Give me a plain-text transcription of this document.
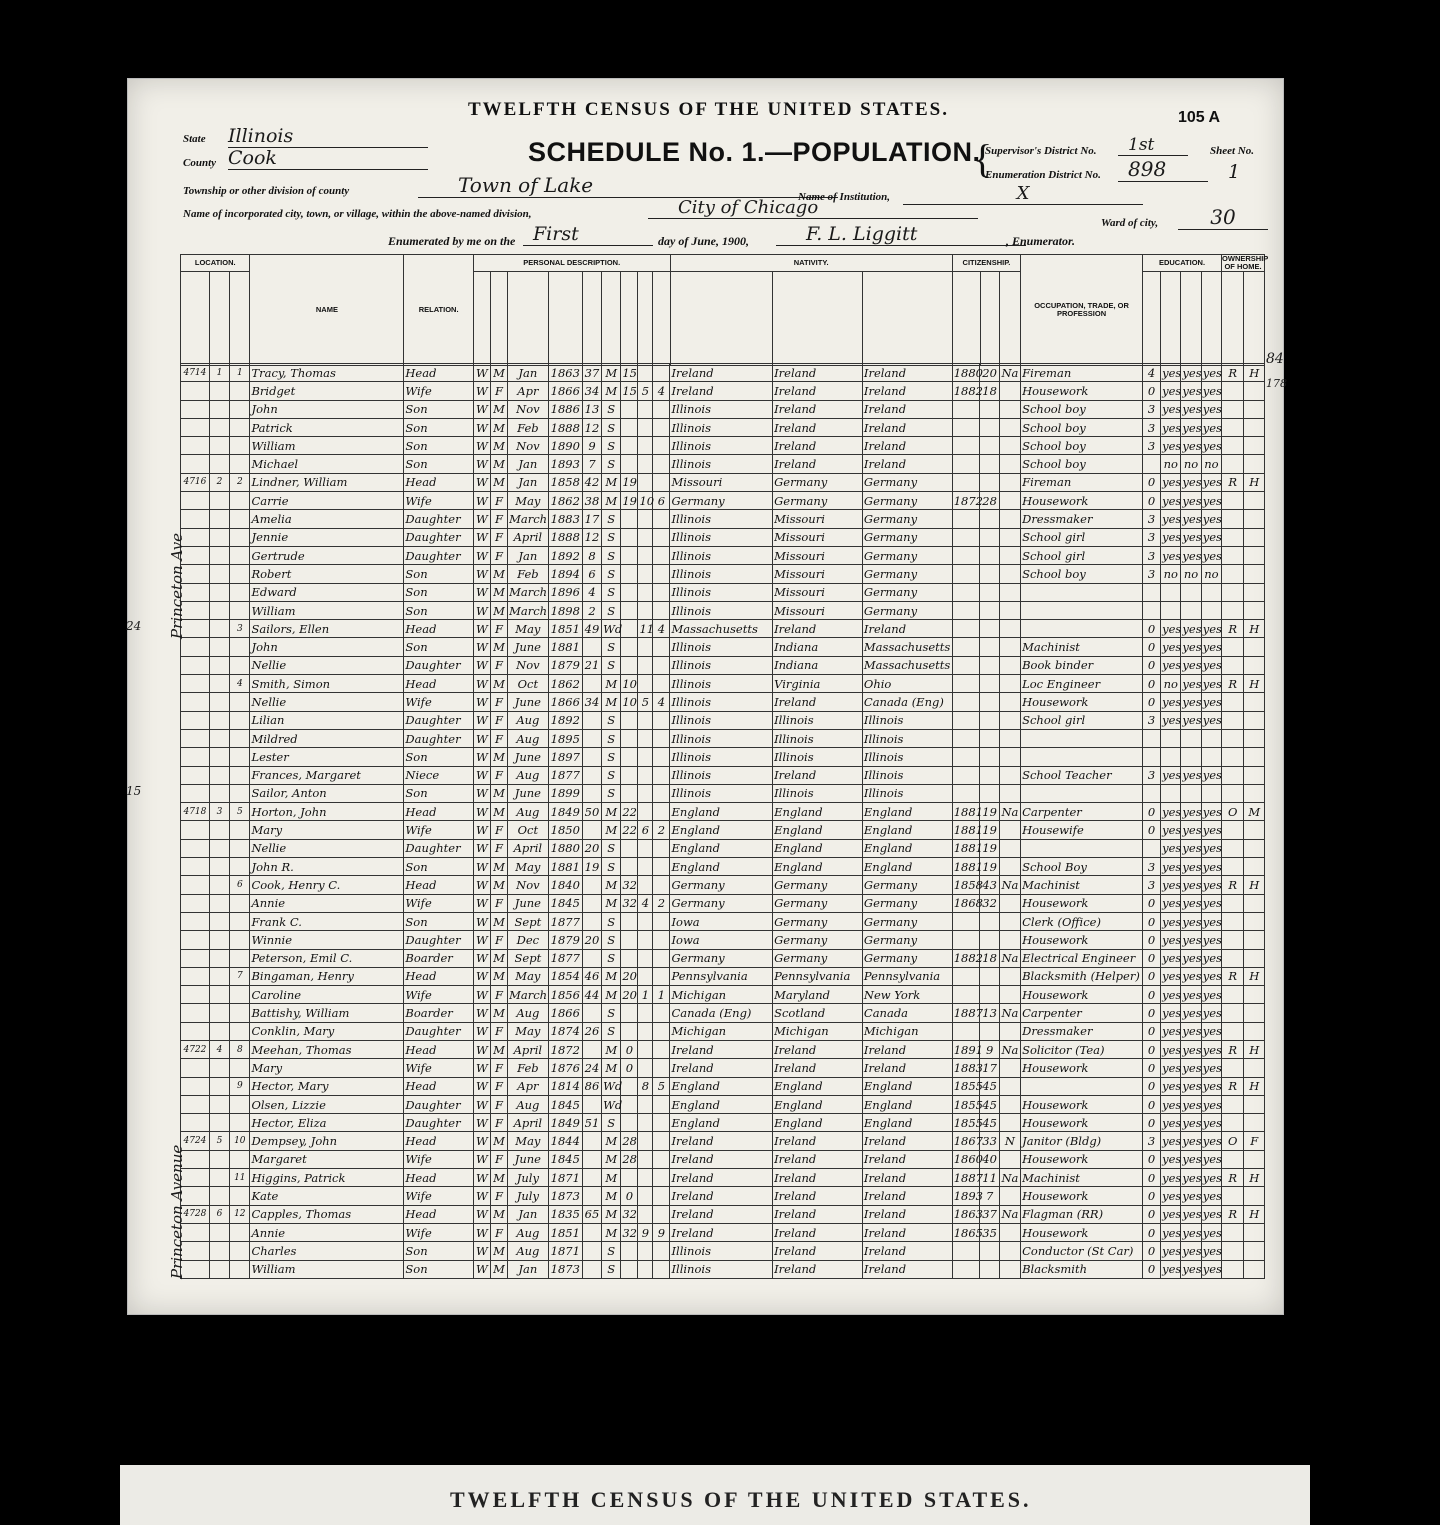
TWELFTH CENSUS OF THE UNITED STATES.
SCHEDULE No. 1.—POPULATION.
105 A
State Illinois
County Cook
Township or other division of county	Town of Lake
Name of incorporated city, town, or village, within the above-named division,	City of Chicago
Enumerated by me on the First	day of June, 1900,	F. L. Liggitt	, Enumerator.
{
Supervisor's District No.	1st
Enumeration District No.	898
Sheet No.
1
Name of Institution,	X
Ward of city,	30
LOCATION.			NAME	RELATION.	PERSONAL DESCRIPTION.									NATIVITY.			CITIZENSHIP.			OCCUPATION, TRADE, OR PROFESSION	EDUCATION.				OWNERSHIP OF HOME.	

4714	1	1	Tracy, Thomas	Head	W	M	Jan	1863	37	M	15			Ireland	Ireland	Ireland	1880	20	Na	Fireman	4	yes	yes	yes	R	H
			Bridget	Wife	W	F	Apr	1866	34	M	15	5	4	Ireland	Ireland	Ireland	1882	18		Housework	0	yes	yes	yes		
			John	Son	W	M	Nov	1886	13	S				Illinois	Ireland	Ireland				School boy	3	yes	yes	yes		
			Patrick	Son	W	M	Feb	1888	12	S				Illinois	Ireland	Ireland				School boy	3	yes	yes	yes		
			William	Son	W	M	Nov	1890	9	S				Illinois	Ireland	Ireland				School boy	3	yes	yes	yes		
			Michael	Son	W	M	Jan	1893	7	S				Illinois	Ireland	Ireland				School boy		no	no	no		
4716	2	2	Lindner, William	Head	W	M	Jan	1858	42	M	19			Missouri	Germany	Germany				Fireman	0	yes	yes	yes	R	H
			Carrie	Wife	W	F	May	1862	38	M	19	10	6	Germany	Germany	Germany	1872	28		Housework	0	yes	yes	yes		
			Amelia	Daughter	W	F	March	1883	17	S				Illinois	Missouri	Germany				Dressmaker	3	yes	yes	yes		
			Jennie	Daughter	W	F	April	1888	12	S				Illinois	Missouri	Germany				School girl	3	yes	yes	yes		
			Gertrude	Daughter	W	F	Jan	1892	8	S				Illinois	Missouri	Germany				School girl	3	yes	yes	yes		
			Robert	Son	W	M	Feb	1894	6	S				Illinois	Missouri	Germany				School boy	3	no	no	no		
			Edward	Son	W	M	March	1896	4	S				Illinois	Missouri	Germany										
			William	Son	W	M	March	1898	2	S				Illinois	Missouri	Germany										
		3	Sailors, Ellen	Head	W	F	May	1851	49	Wd		11	4	Massachusetts	Ireland	Ireland					0	yes	yes	yes	R	H
			John	Son	W	M	June	1881		S				Illinois	Indiana	Massachusetts				Machinist	0	yes	yes	yes		
			Nellie	Daughter	W	F	Nov	1879	21	S				Illinois	Indiana	Massachusetts				Book binder	0	yes	yes	yes		
		4	Smith, Simon	Head	W	M	Oct	1862		M	10			Illinois	Virginia	Ohio				Loc Engineer	0	no	yes	yes	R	H
			Nellie	Wife	W	F	June	1866	34	M	10	5	4	Illinois	Ireland	Canada (Eng)				Housework	0	yes	yes	yes		
			Lilian	Daughter	W	F	Aug	1892		S				Illinois	Illinois	Illinois				School girl	3	yes	yes	yes		
			Mildred	Daughter	W	F	Aug	1895		S				Illinois	Illinois	Illinois										
			Lester	Son	W	M	June	1897		S				Illinois	Illinois	Illinois										
			Frances, Margaret	Niece	W	F	Aug	1877		S				Illinois	Ireland	Illinois				School Teacher	3	yes	yes	yes		
			Sailor, Anton	Son	W	M	June	1899		S				Illinois	Illinois	Illinois										
4718	3	5	Horton, John	Head	W	M	Aug	1849	50	M	22			England	England	England	1881	19	Na	Carpenter	0	yes	yes	yes	O	M
			Mary	Wife	W	F	Oct	1850		M	22	6	2	England	England	England	1881	19		Housewife	0	yes	yes	yes		
			Nellie	Daughter	W	F	April	1880	20	S				England	England	England	1881	19				yes	yes	yes		
			John R.	Son	W	M	May	1881	19	S				England	England	England	1881	19		School Boy	3	yes	yes	yes		
		6	Cook, Henry C.	Head	W	M	Nov	1840		M	32			Germany	Germany	Germany	1858	43	Na	Machinist	3	yes	yes	yes	R	H
			Annie	Wife	W	F	June	1845		M	32	4	2	Germany	Germany	Germany	1868	32		Housework	0	yes	yes	yes		
			Frank C.	Son	W	M	Sept	1877		S				Iowa	Germany	Germany				Clerk (Office)	0	yes	yes	yes		
			Winnie	Daughter	W	F	Dec	1879	20	S				Iowa	Germany	Germany				Housework	0	yes	yes	yes		
			Peterson, Emil C.	Boarder	W	M	Sept	1877		S				Germany	Germany	Germany	1882	18	Na	Electrical Engineer	0	yes	yes	yes		
		7	Bingaman, Henry	Head	W	M	May	1854	46	M	20			Pennsylvania	Pennsylvania	Pennsylvania				Blacksmith (Helper)	0	yes	yes	yes	R	H
			Caroline	Wife	W	F	March	1856	44	M	20	1	1	Michigan	Maryland	New York				Housework	0	yes	yes	yes		
			Battishy, William	Boarder	W	M	Aug	1866		S				Canada (Eng)	Scotland	Canada	1887	13	Na	Carpenter	0	yes	yes	yes		
			Conklin, Mary	Daughter	W	F	May	1874	26	S				Michigan	Michigan	Michigan				Dressmaker	0	yes	yes	yes		
4722	4	8	Meehan, Thomas	Head	W	M	April	1872		M	0			Ireland	Ireland	Ireland	1891	9	Na	Solicitor (Tea)	0	yes	yes	yes	R	H
			Mary	Wife	W	F	Feb	1876	24	M	0			Ireland	Ireland	Ireland	1883	17		Housework	0	yes	yes	yes		
		9	Hector, Mary	Head	W	F	Apr	1814	86	Wd		8	5	England	England	England	1855	45			0	yes	yes	yes	R	H
			Olsen, Lizzie	Daughter	W	F	Aug	1845		Wd				England	England	England	1855	45		Housework	0	yes	yes	yes		
			Hector, Eliza	Daughter	W	F	April	1849	51	S				England	England	England	1855	45		Housework	0	yes	yes	yes		
4724	5	10	Dempsey, John	Head	W	M	May	1844		M	28			Ireland	Ireland	Ireland	1867	33	N	Janitor (Bldg)	3	yes	yes	yes	O	F
			Margaret	Wife	W	F	June	1845		M	28			Ireland	Ireland	Ireland	1860	40		Housework	0	yes	yes	yes		
		11	Higgins, Patrick	Head	W	M	July	1871		M				Ireland	Ireland	Ireland	1887	11	Na	Machinist	0	yes	yes	yes	R	H
			Kate	Wife	W	F	July	1873		M	0			Ireland	Ireland	Ireland	1893	7		Housework	0	yes	yes	yes		
4728	6	12	Capples, Thomas	Head	W	M	Jan	1835	65	M	32			Ireland	Ireland	Ireland	1863	37	Na	Flagman (RR)	0	yes	yes	yes	R	H
			Annie	Wife	W	F	Aug	1851		M	32	9	9	Ireland	Ireland	Ireland	1865	35		Housework	0	yes	yes	yes		
			Charles	Son	W	M	Aug	1871		S				Illinois	Ireland	Ireland				Conductor (St Car)	0	yes	yes	yes		
			William	Son	W	M	Jan	1873		S				Illinois	Ireland	Ireland				Blacksmith	0	yes	yes	yes		
Princeton Ave
Princeton Avenue
24
15
84
178
TWELFTH CENSUS OF THE UNITED STATES.
